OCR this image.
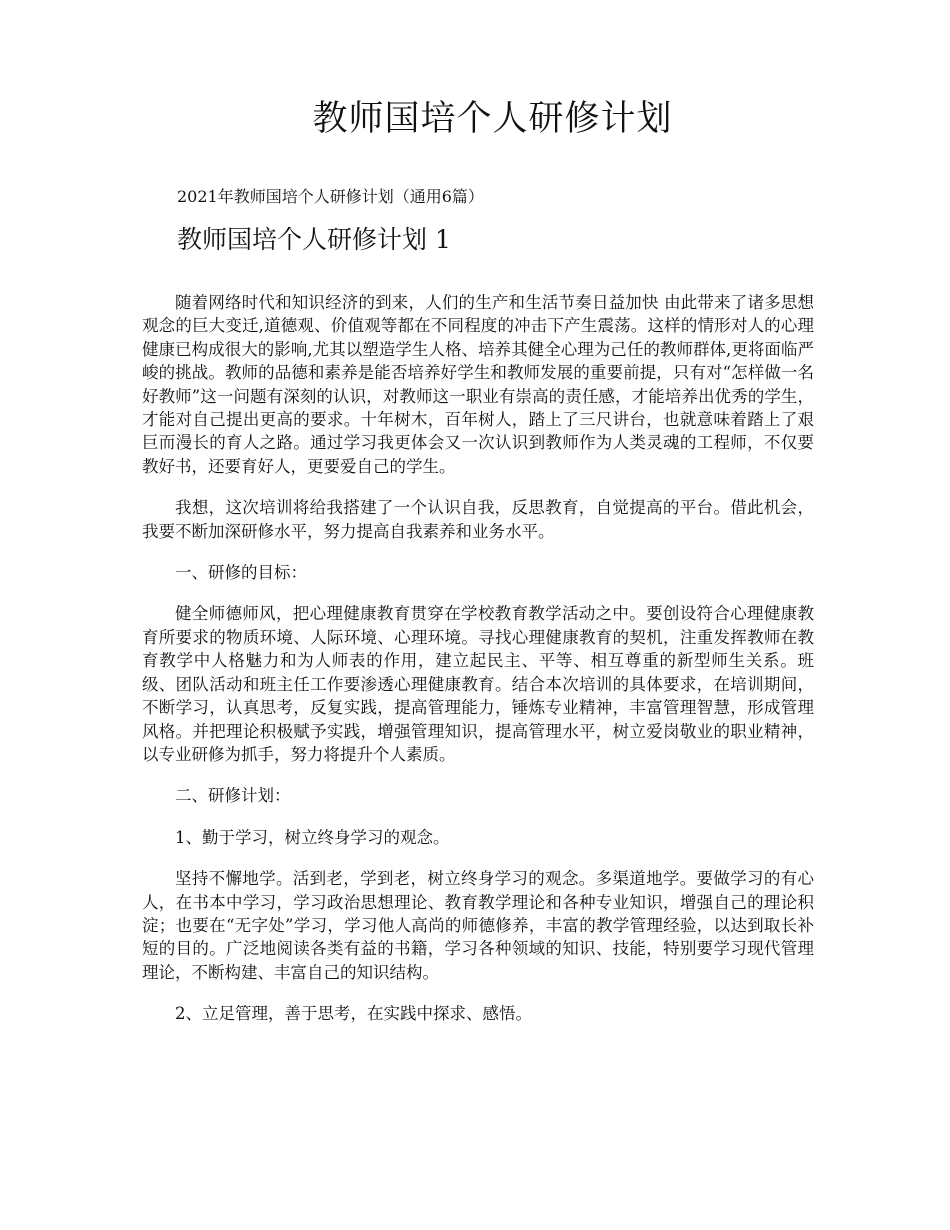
教师国培个人研修计划

2021年教师国培个人研修计划（通用6篇）

教师国培个人研修计划 1

随着网络时代和知识经济的到来，人们的生产和生活节奏日益加快 由此带来了诸多思想观念的巨大变迁,道德观、价值观等都在不同程度的冲击下产生震荡。这样的情形对人的心理健康已构成很大的影响,尤其以塑造学生人格、培养其健全心理为己任的教师群体,更将面临严峻的挑战。教师的品德和素养是能否培养好学生和教师发展的重要前提，只有对“怎样做一名好教师”这一问题有深刻的认识，对教师这一职业有崇高的责任感，才能培养出优秀的学生，才能对自己提出更高的要求。十年树木，百年树人，踏上了三尺讲台，也就意味着踏上了艰巨而漫长的育人之路。通过学习我更体会又一次认识到教师作为人类灵魂的工程师，不仅要教好书，还要育好人，更要爱自己的学生。

我想，这次培训将给我搭建了一个认识自我，反思教育，自觉提高的平台。借此机会，我要不断加深研修水平，努力提高自我素养和业务水平。

一、研修的目标：

健全师德师风，把心理健康教育贯穿在学校教育教学活动之中。要创设符合心理健康教育所要求的物质环境、人际环境、心理环境。寻找心理健康教育的契机，注重发挥教师在教育教学中人格魅力和为人师表的作用，建立起民主、平等、相互尊重的新型师生关系。班级、团队活动和班主任工作要渗透心理健康教育。结合本次培训的具体要求，在培训期间，不断学习，认真思考，反复实践，提高管理能力，锤炼专业精神，丰富管理智慧，形成管理风格。并把理论积极赋予实践，增强管理知识，提高管理水平，树立爱岗敬业的职业精神，以专业研修为抓手，努力将提升个人素质。

二、研修计划：

1、勤于学习，树立终身学习的观念。

坚持不懈地学。活到老，学到老，树立终身学习的观念。多渠道地学。要做学习的有心人，在书本中学习，学习政治思想理论、教育教学理论和各种专业知识，增强自己的理论积淀；也要在“无字处”学习，学习他人高尚的师德修养，丰富的教学管理经验，以达到取长补短的目的。广泛地阅读各类有益的书籍，学习各种领域的知识、技能，特别要学习现代管理理论，不断构建、丰富自己的知识结构。

2、立足管理，善于思考，在实践中探求、感悟。
